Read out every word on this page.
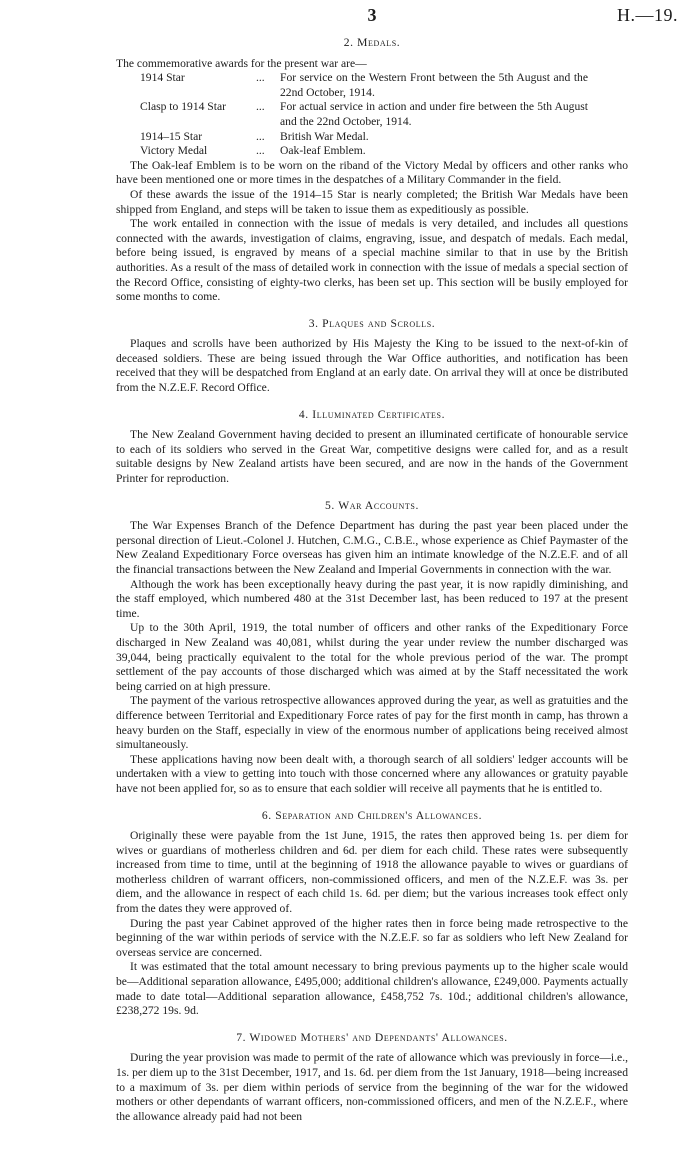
3	H.—19.
2. Medals.

The commemorative awards for the present war are—

1914 Star	...	For service on the Western Front between the 5th August and the 22nd October, 1914.
Clasp to 1914 Star	...	For actual service in action and under fire between the 5th August and the 22nd October, 1914.
1914–15 Star	...	British War Medal.
Victory Medal	...	Oak-leaf Emblem.

The Oak-leaf Emblem is to be worn on the riband of the Victory Medal by officers and other ranks who have been mentioned one or more times in the despatches of a Military Commander in the field.

Of these awards the issue of the 1914–15 Star is nearly completed; the British War Medals have been shipped from England, and steps will be taken to issue them as expeditiously as possible.

The work entailed in connection with the issue of medals is very detailed, and includes all questions connected with the awards, investigation of claims, engraving, issue, and despatch of medals. Each medal, before being issued, is engraved by means of a special machine similar to that in use by the British authorities. As a result of the mass of detailed work in connection with the issue of medals a special section of the Record Office, consisting of eighty-two clerks, has been set up. This section will be busily employed for some months to come.

3. Plaques and Scrolls.

Plaques and scrolls have been authorized by His Majesty the King to be issued to the next-of-kin of deceased soldiers. These are being issued through the War Office authorities, and notification has been received that they will be despatched from England at an early date. On arrival they will at once be distributed from the N.Z.E.F. Record Office.

4. Illuminated Certificates.

The New Zealand Government having decided to present an illuminated certificate of honourable service to each of its soldiers who served in the Great War, competitive designs were called for, and as a result suitable designs by New Zealand artists have been secured, and are now in the hands of the Government Printer for reproduction.

5. War Accounts.

The War Expenses Branch of the Defence Department has during the past year been placed under the personal direction of Lieut.-Colonel J. Hutchen, C.M.G., C.B.E., whose experience as Chief Paymaster of the New Zealand Expeditionary Force overseas has given him an intimate knowledge of the N.Z.E.F. and of all the financial transactions between the New Zealand and Imperial Governments in connection with the war.

Although the work has been exceptionally heavy during the past year, it is now rapidly diminishing, and the staff employed, which numbered 480 at the 31st December last, has been reduced to 197 at the present time.

Up to the 30th April, 1919, the total number of officers and other ranks of the Expeditionary Force discharged in New Zealand was 40,081, whilst during the year under review the number discharged was 39,044, being practically equivalent to the total for the whole previous period of the war. The prompt settlement of the pay accounts of those discharged which was aimed at by the Staff necessitated the work being carried on at high pressure.

The payment of the various retrospective allowances approved during the year, as well as gratuities and the difference between Territorial and Expeditionary Force rates of pay for the first month in camp, has thrown a heavy burden on the Staff, especially in view of the enormous number of applications being received almost simultaneously.

These applications having now been dealt with, a thorough search of all soldiers' ledger accounts will be undertaken with a view to getting into touch with those concerned where any allowances or gratuity payable have not been applied for, so as to ensure that each soldier will receive all payments that he is entitled to.

6. Separation and Children's Allowances.

Originally these were payable from the 1st June, 1915, the rates then approved being 1s. per diem for wives or guardians of motherless children and 6d. per diem for each child. These rates were subsequently increased from time to time, until at the beginning of 1918 the allowance payable to wives or guardians of motherless children of warrant officers, non-commissioned officers, and men of the N.Z.E.F. was 3s. per diem, and the allowance in respect of each child 1s. 6d. per diem; but the various increases took effect only from the dates they were approved of.

During the past year Cabinet approved of the higher rates then in force being made retrospective to the beginning of the war within periods of service with the N.Z.E.F. so far as soldiers who left New Zealand for overseas service are concerned.

It was estimated that the total amount necessary to bring previous payments up to the higher scale would be—Additional separation allowance, £495,000; additional children's allowance, £249,000. Payments actually made to date total—Additional separation allowance, £458,752 7s. 10d.; additional children's allowance, £238,272 19s. 9d.

7. Widowed Mothers' and Dependants' Allowances.

During the year provision was made to permit of the rate of allowance which was previously in force—i.e., 1s. per diem up to the 31st December, 1917, and 1s. 6d. per diem from the 1st January, 1918—being increased to a maximum of 3s. per diem within periods of service from the beginning of the war for the widowed mothers or other dependants of warrant officers, non-commissioned officers, and men of the N.Z.E.F., where the allowance already paid had not been
